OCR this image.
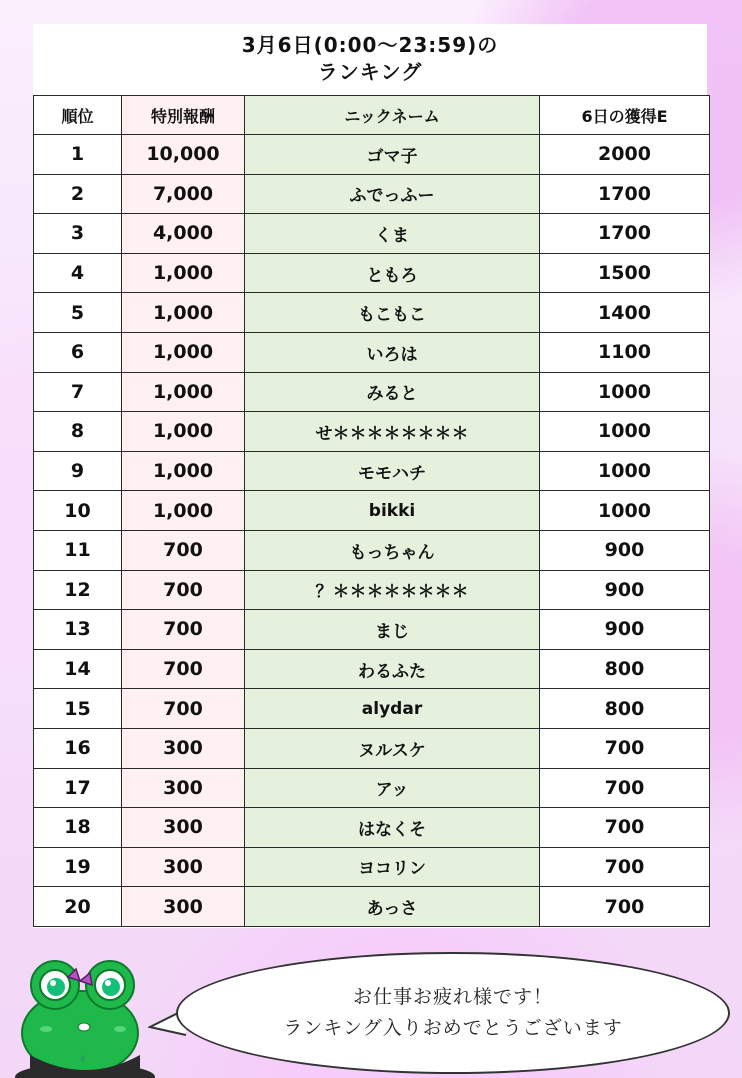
3月6日(0:00～23:59)の
ランキング
順位	特別報酬	ニックネーム	6日の獲得E
1	10,000	ゴマ子	2000
2	7,000	ふでっふー	1700
3	4,000	くま	1700
4	1,000	ともろ	1500
5	1,000	もこもこ	1400
6	1,000	いろは	1100
7	1,000	みると	1000
8	1,000	せ＊＊＊＊＊＊＊＊	1000
9	1,000	モモハチ	1000
10	1,000	bikki	1000
11	700	もっちゃん	900
12	700	？＊＊＊＊＊＊＊＊	900
13	700	まじ	900
14	700	わるふた	800
15	700	alydar	800
16	300	ヌルスケ	700
17	300	アッ	700
18	300	はなくそ	700
19	300	ヨコリン	700
20	300	あっさ	700
お仕事お疲れ様です！
ランキング入りおめでとうございます
